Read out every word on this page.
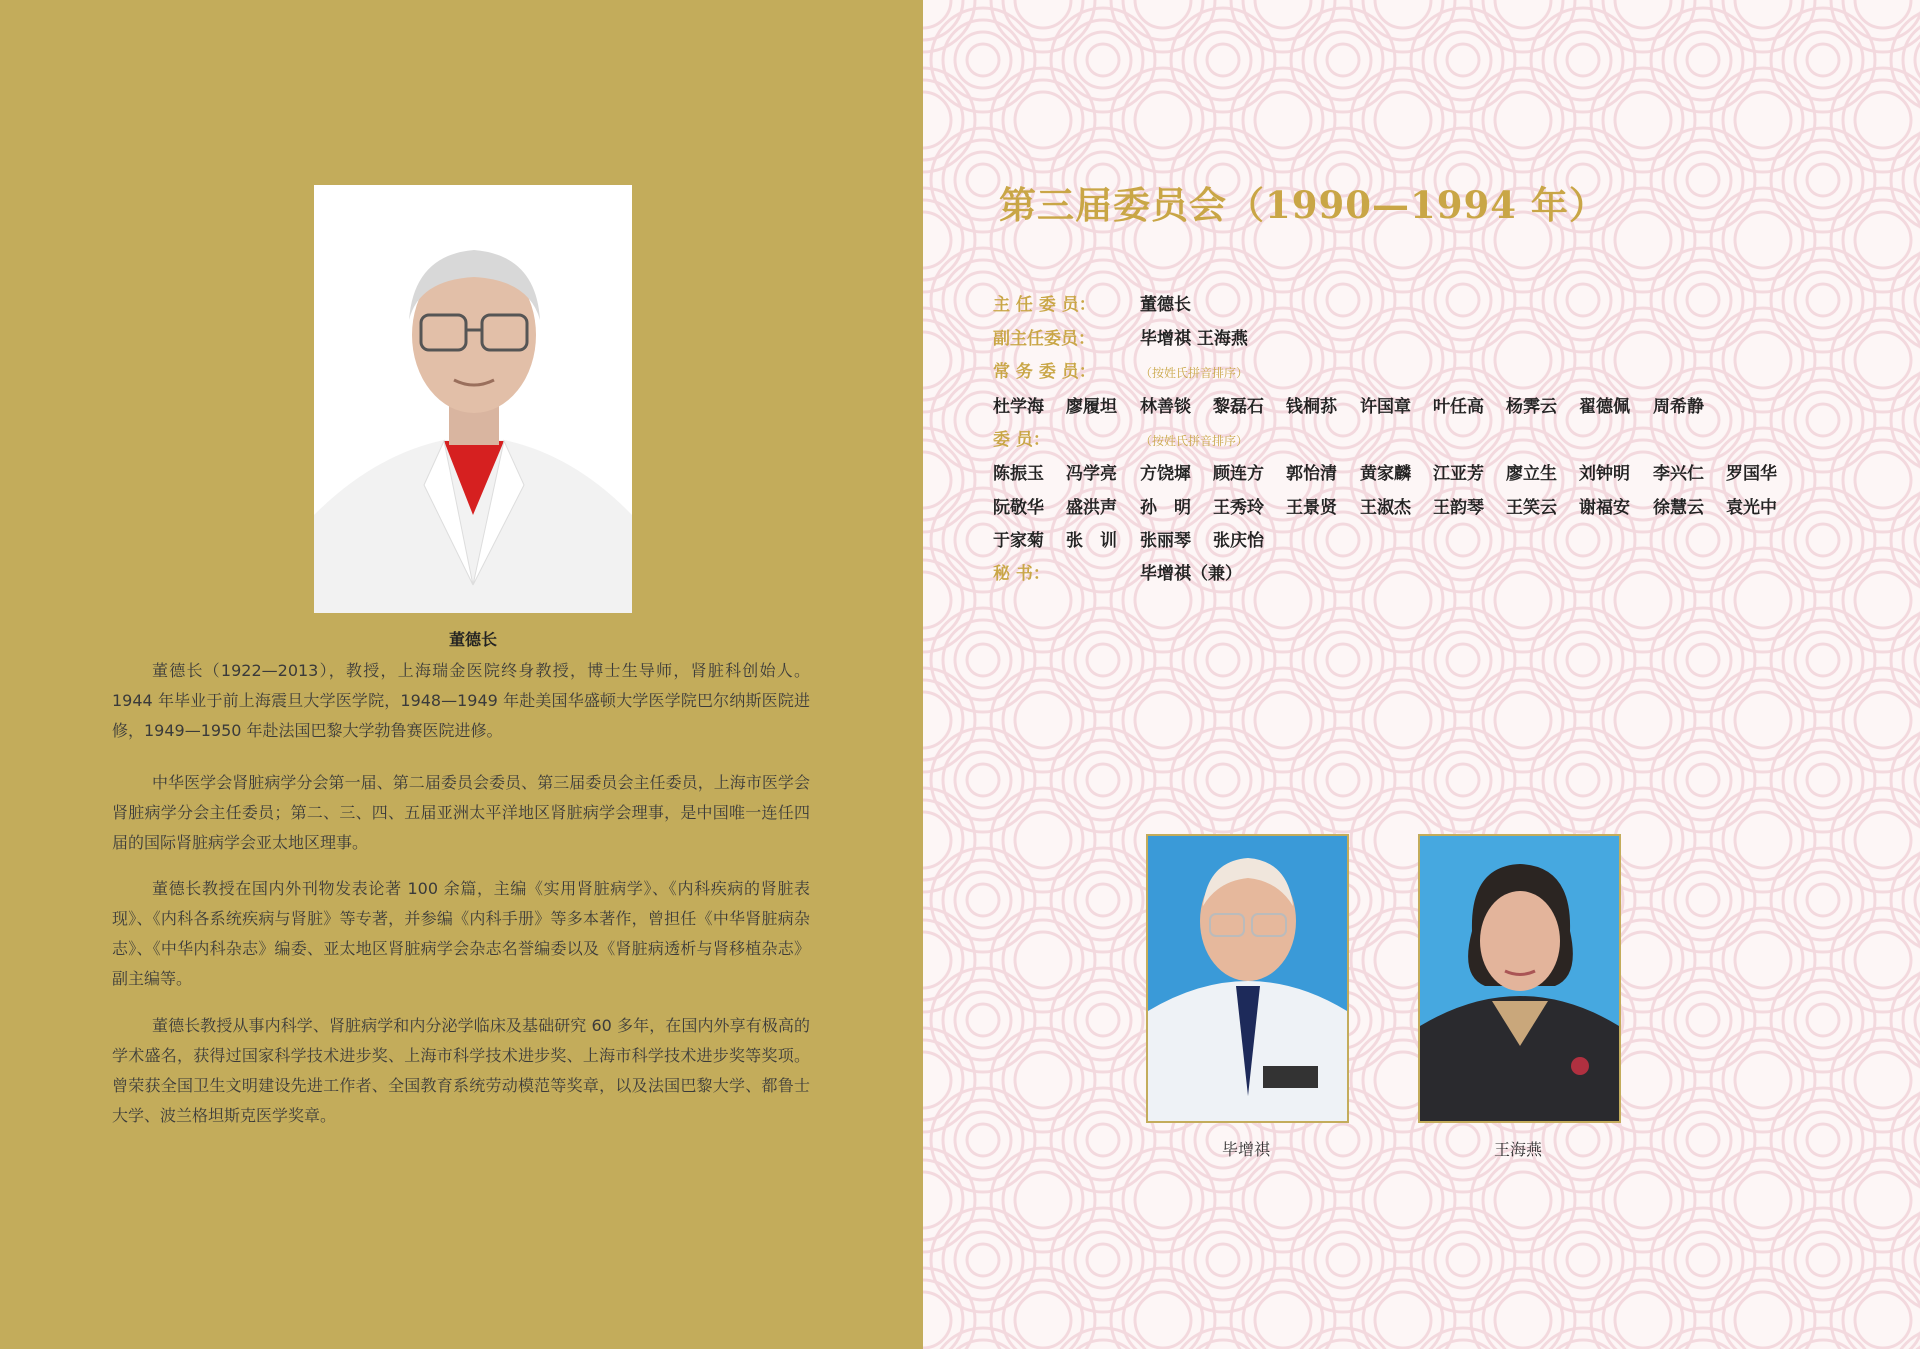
董德长

董德长（1922—2013），教授，上海瑞金医院终身教授，博士生导师，肾脏科创始人。1944 年毕业于前上海震旦大学医学院，1948—1949 年赴美国华盛顿大学医学院巴尔纳斯医院进修，1949—1950 年赴法国巴黎大学勃鲁赛医院进修。

中华医学会肾脏病学分会第一届、第二届委员会委员、第三届委员会主任委员，上海市医学会肾脏病学分会主任委员；第二、三、四、五届亚洲太平洋地区肾脏病学会理事，是中国唯一连任四届的国际肾脏病学会亚太地区理事。

董德长教授在国内外刊物发表论著 100 余篇，主编《实用肾脏病学》、《内科疾病的肾脏表现》、《内科各系统疾病与肾脏》等专著，并参编《内科手册》等多本著作，曾担任《中华肾脏病杂志》、《中华内科杂志》编委、亚太地区肾脏病学会杂志名誉编委以及《肾脏病透析与肾移植杂志》副主编等。

董德长教授从事内科学、肾脏病学和内分泌学临床及基础研究 60 多年，在国内外享有极高的学术盛名，获得过国家科学技术进步奖、上海市科学技术进步奖、上海市科学技术进步奖等奖项。曾荣获全国卫生文明建设先进工作者、全国教育系统劳动模范等奖章，以及法国巴黎大学、都鲁士大学、波兰格坦斯克医学奖章。

第三届委员会（1990—1994 年）
主 任 委 员：	董德长
副主任委员：	毕增祺 王海燕
常 务 委 员：	（按姓氏拼音排序）
杜学海 廖履坦 林善锬 黎磊石 钱桐荪 许国章 叶任高 杨霁云 翟德佩 周希静
委 员：	（按姓氏拼音排序）
陈振玉 冯学亮 方饶墀 顾连方 郭怡清 黄家麟 江亚芳 廖立生 刘钟明 李兴仁 罗国华
阮敬华 盛洪声 孙　明 王秀玲 王景贤 王淑杰 王韵琴 王笑云 谢福安 徐慧云 袁光中
于家菊 张　训 张丽琴 张庆怡
秘 书：	毕增祺（兼）
毕增祺	王海燕
